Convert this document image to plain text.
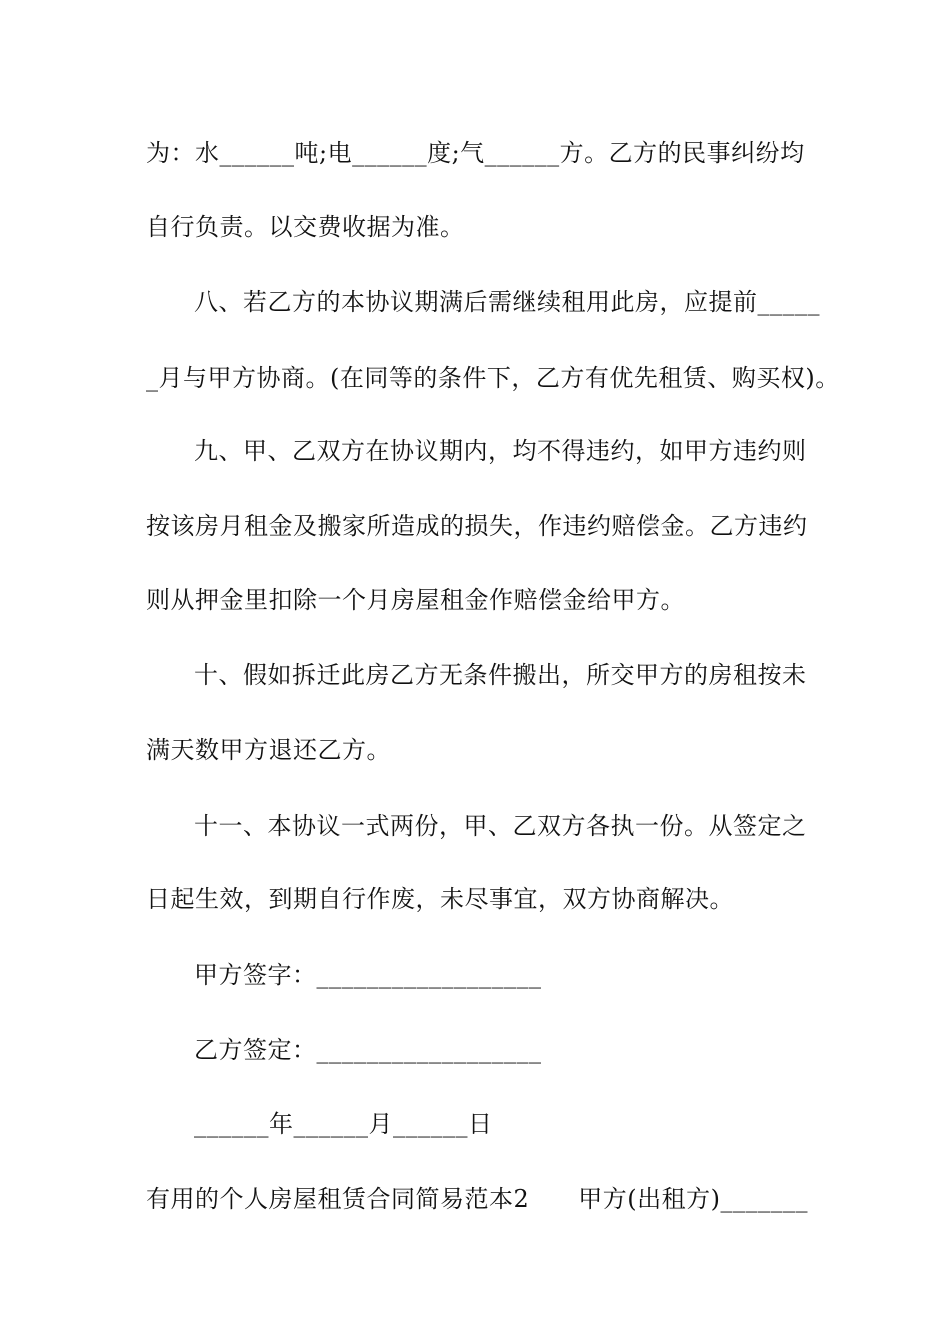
为：水______吨;电______度;气______方。乙方的民事纠纷均
自行负责。以交费收据为准。
八、若乙方的本协议期满后需继续租用此房，应提前_____
_月与甲方协商。(在同等的条件下，乙方有优先租赁、购买权)。
九、甲、乙双方在协议期内，均不得违约，如甲方违约则
按该房月租金及搬家所造成的损失，作违约赔偿金。乙方违约
则从押金里扣除一个月房屋租金作赔偿金给甲方。
十、假如拆迁此房乙方无条件搬出，所交甲方的房租按未
满天数甲方退还乙方。
十一、本协议一式两份，甲、乙双方各执一份。从签定之
日起生效，到期自行作废，未尽事宜，双方协商解决。
甲方签字：__________________
乙方签定：__________________
______年______月______日
有用的个人房屋租赁合同简易范本2　　甲方(出租方)_______
